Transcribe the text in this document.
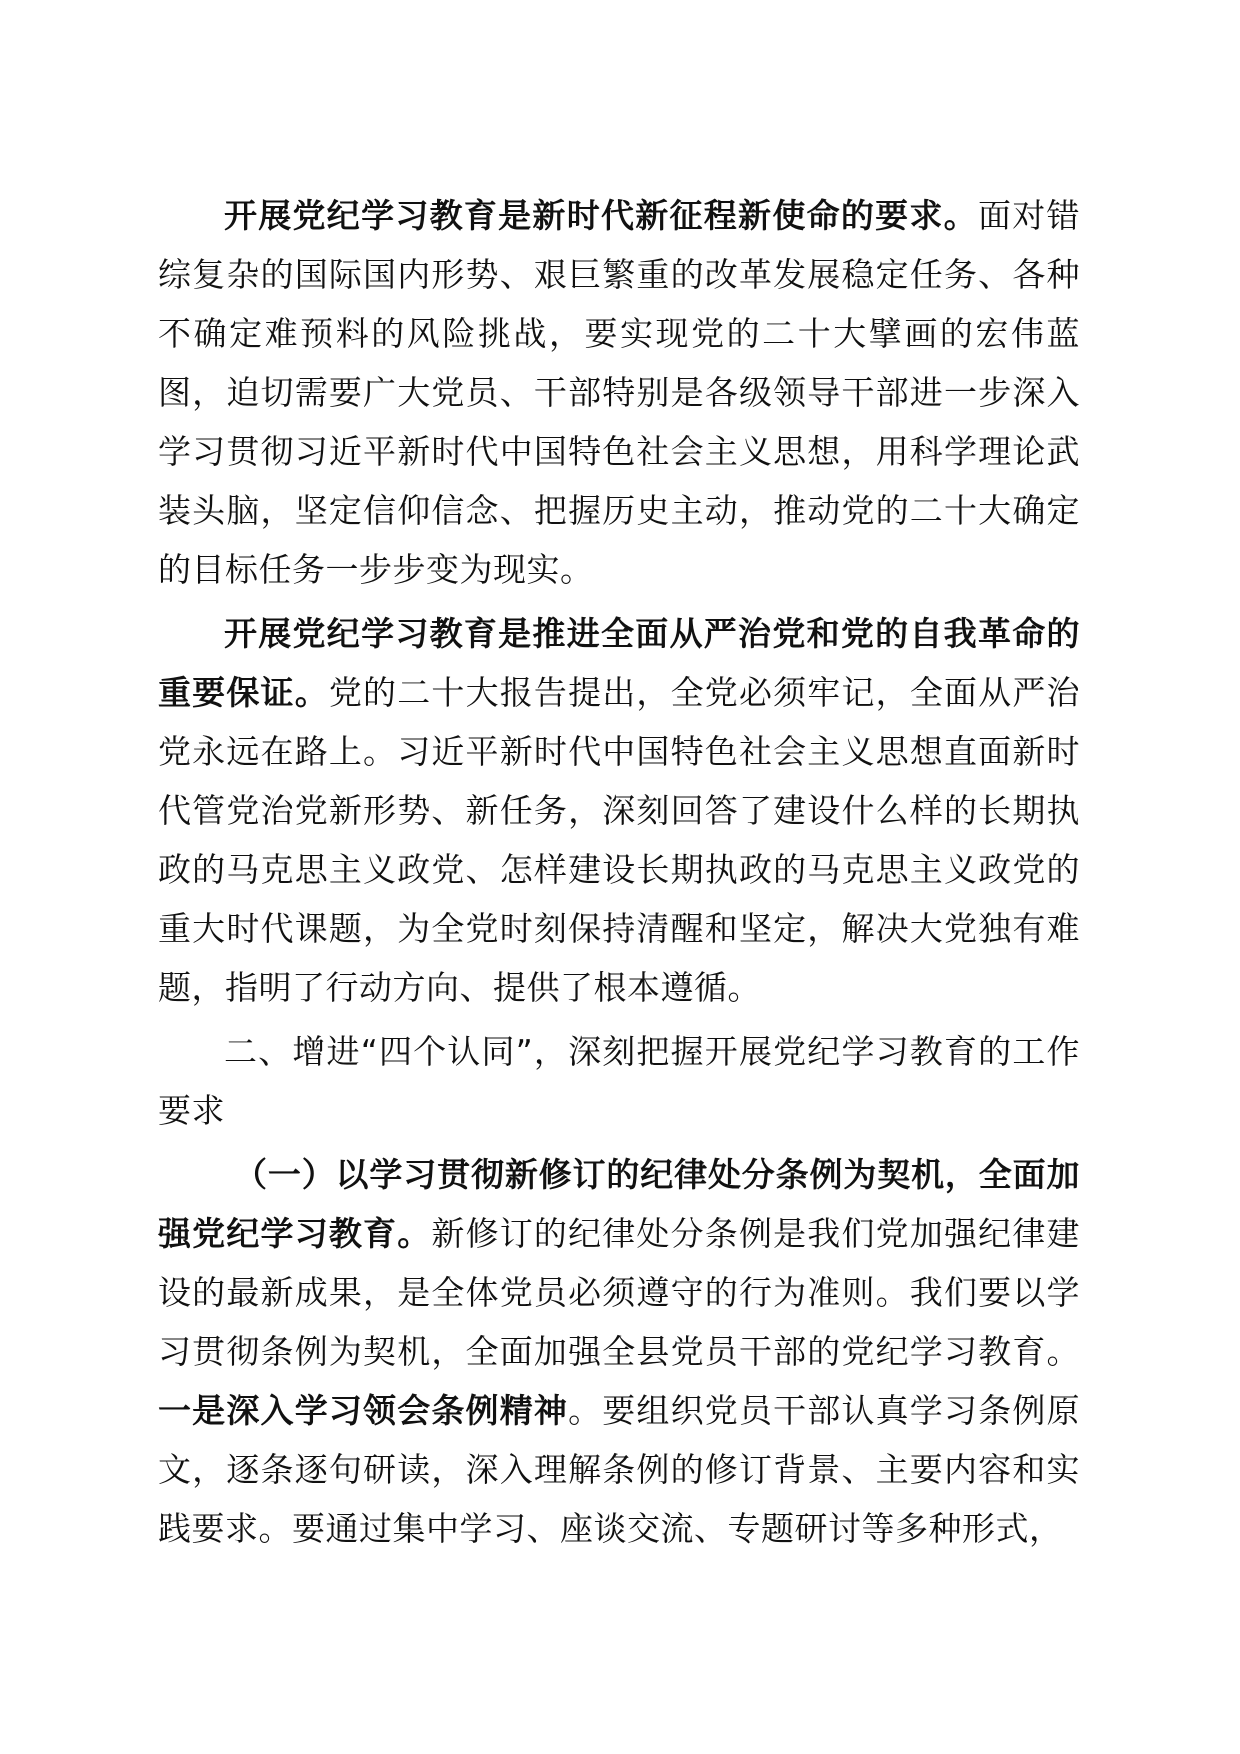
开展党纪学习教育是新时代新征程新使命的要求。面对错综复杂的国际国内形势、艰巨繁重的改革发展稳定任务、各种不确定难预料的风险挑战，要实现党的二十大擘画的宏伟蓝图，迫切需要广大党员、干部特别是各级领导干部进一步深入学习贯彻习近平新时代中国特色社会主义思想，用科学理论武装头脑，坚定信仰信念、把握历史主动，推动党的二十大确定的目标任务一步步变为现实。

开展党纪学习教育是推进全面从严治党和党的自我革命的重要保证。党的二十大报告提出，全党必须牢记，全面从严治党永远在路上。习近平新时代中国特色社会主义思想直面新时代管党治党新形势、新任务，深刻回答了建设什么样的长期执政的马克思主义政党、怎样建设长期执政的马克思主义政党的重大时代课题，为全党时刻保持清醒和坚定，解决大党独有难题，指明了行动方向、提供了根本遵循。

二、增进“四个认同”，深刻把握开展党纪学习教育的工作要求

（一）以学习贯彻新修订的纪律处分条例为契机，全面加强党纪学习教育。新修订的纪律处分条例是我们党加强纪律建设的最新成果，是全体党员必须遵守的行为准则。我们要以学习贯彻条例为契机，全面加强全县党员干部的党纪学习教育。一是深入学习领会条例精神。要组织党员干部认真学习条例原文，逐条逐句研读，深入理解条例的修订背景、主要内容和实践要求。要通过集中学习、座谈交流、专题研讨等多种形式，
